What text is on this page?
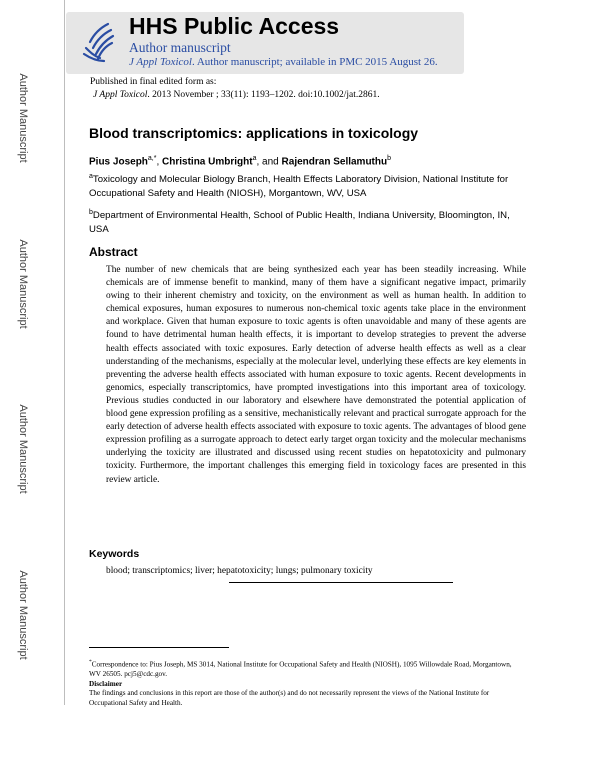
Author Manuscript
Author Manuscript
Author Manuscript
Author Manuscript
HHS Public Access
Author manuscript
J Appl Toxicol. Author manuscript; available in PMC 2015 August 26.
Published in final edited form as:
J Appl Toxicol. 2013 November ; 33(11): 1193–1202. doi:10.1002/jat.2861.
Blood transcriptomics: applications in toxicology
Pius Joseph$^{a,*}$, Christina Umbright$^a$, and Rajendran Sellamuthu$^b$
$^a$Toxicology and Molecular Biology Branch, Health Effects Laboratory Division, National Institute for Occupational Safety and Health (NIOSH), Morgantown, WV, USA
$^b$Department of Environmental Health, School of Public Health, Indiana University, Bloomington, IN, USA
Abstract
The number of new chemicals that are being synthesized each year has been steadily increasing. While chemicals are of immense benefit to mankind, many of them have a significant negative impact, primarily owing to their inherent chemistry and toxicity, on the environment as well as human health. In addition to chemical exposures, human exposures to numerous non-chemical toxic agents take place in the environment and workplace. Given that human exposure to toxic agents is often unavoidable and many of these agents are found to have detrimental human health effects, it is important to develop strategies to prevent the adverse health effects associated with toxic exposures. Early detection of adverse health effects as well as a clear understanding of the mechanisms, especially at the molecular level, underlying these effects are key elements in preventing the adverse health effects associated with human exposure to toxic agents. Recent developments in genomics, especially transcriptomics, have prompted investigations into this important area of toxicology. Previous studies conducted in our laboratory and elsewhere have demonstrated the potential application of blood gene expression profiling as a sensitive, mechanistically relevant and practical surrogate approach for the early detection of adverse health effects associated with exposure to toxic agents. The advantages of blood gene expression profiling as a surrogate approach to detect early target organ toxicity and the molecular mechanisms underlying the toxicity are illustrated and discussed using recent studies on hepatotoxicity and pulmonary toxicity. Furthermore, the important challenges this emerging field in toxicology faces are presented in this review article.
Keywords
blood; transcriptomics; liver; hepatotoxicity; lungs; pulmonary toxicity
*Correspondence to: Pius Joseph, MS 3014, National Institute for Occupational Safety and Health (NIOSH), 1095 Willowdale Road, Morgantown, WV 26505. pcj5@cdc.gov.
Disclaimer
The findings and conclusions in this report are those of the author(s) and do not necessarily represent the views of the National Institute for Occupational Safety and Health.
